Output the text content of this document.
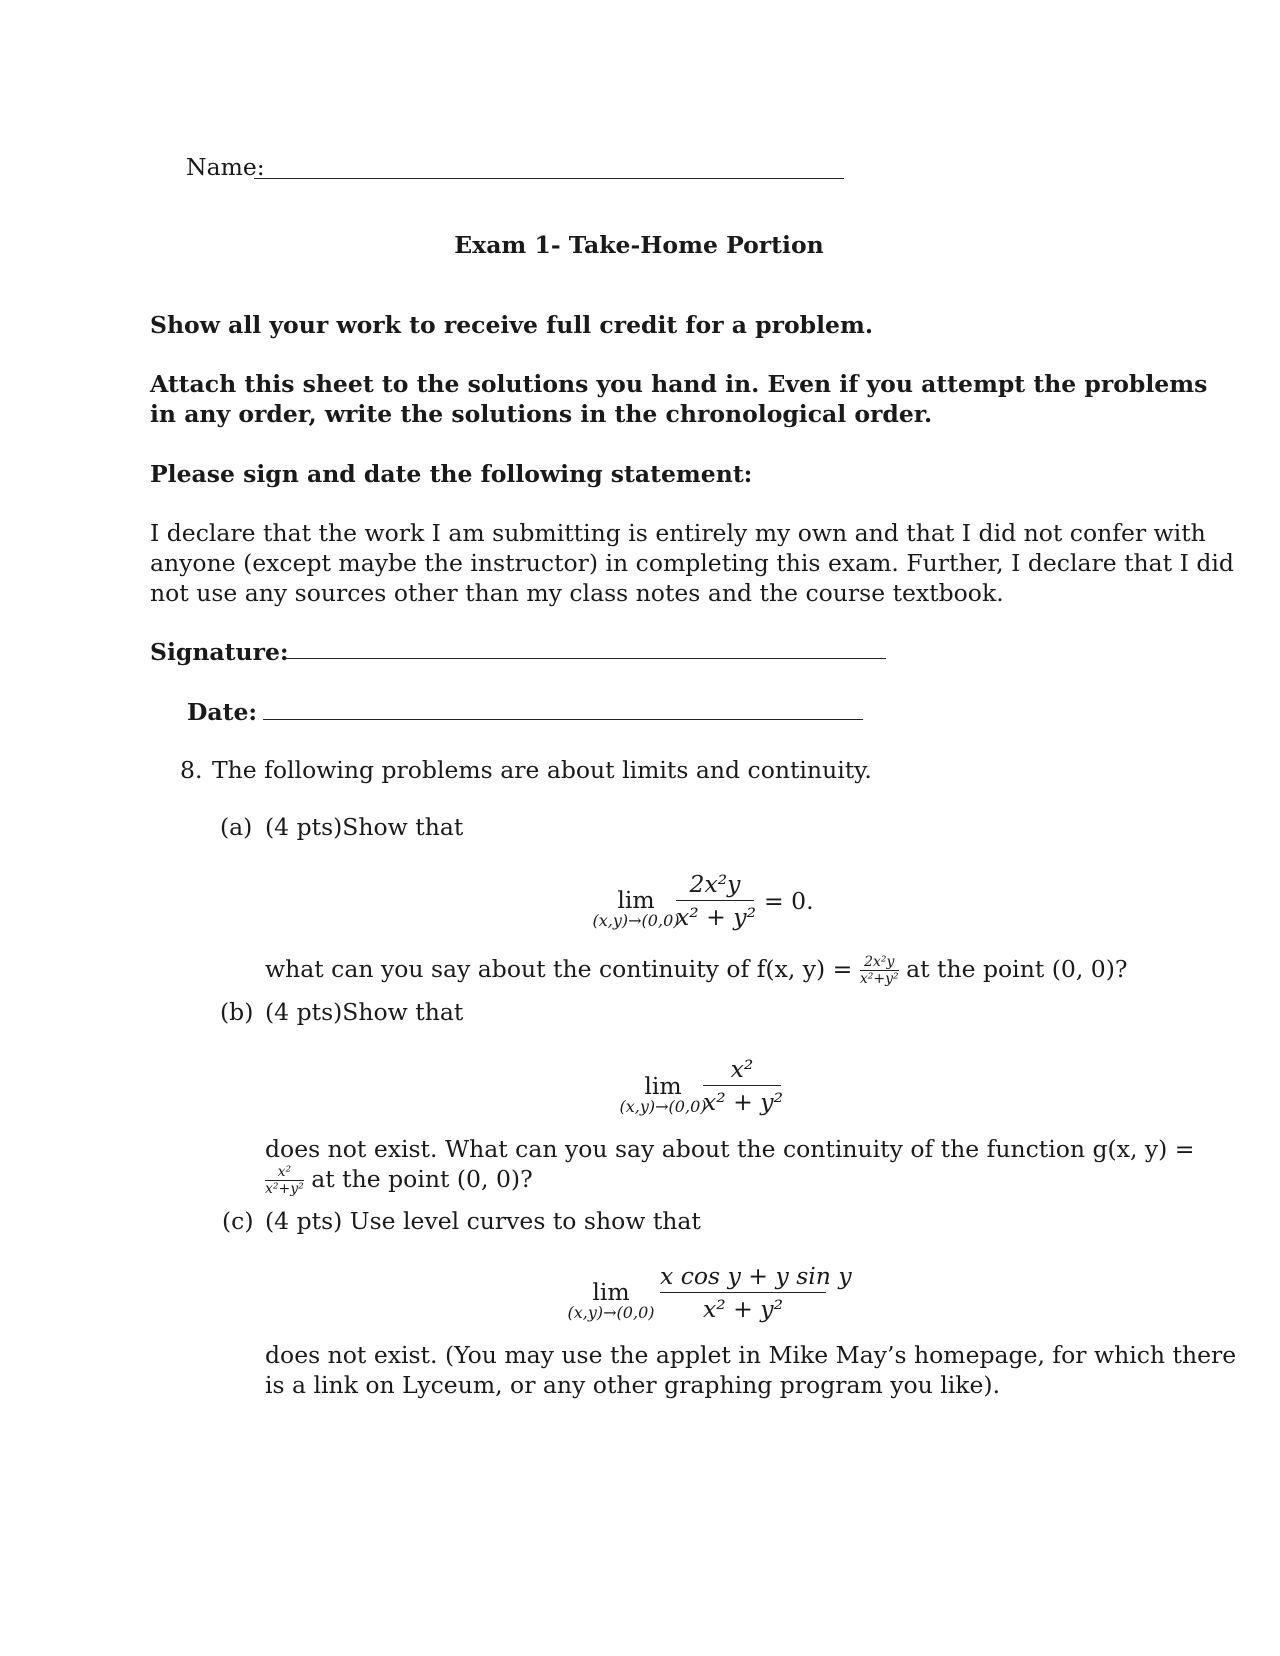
Name:
Exam 1- Take-Home Portion
Show all your work to receive full credit for a problem.
Attach this sheet to the solutions you hand in. Even if you attempt the problems
in any order, write the solutions in the chronological order.
Please sign and date the following statement:
I declare that the work I am submitting is entirely my own and that I did not confer with
anyone (except maybe the instructor) in completing this exam. Further, I declare that I did
not use any sources other than my class notes and the course textbook.
Signature:
Date:
8. The following problems are about limits and continuity.
(a) (4 pts)Show that
lim
(x,y)→(0,0)
2x²y
x² + y²
= 0.
what can you say about the continuity of f(x, $y) = \frac{\text{2x²y}}{\text{x²+y²}}$ at the point (0, 0)?
(b) (4 pts)Show that
lim
(x,y)→(0,0)
x²
x² + y²
does not exist. What can you say about the continuity of the function g(x, y) =
$\frac{\text{x²}}{\text{x²+y²}}$ at the point (0, 0)?
(c) (4 pts) Use level curves to show that
lim
(x,y)→(0,0)
x cos y + y sin y
x² + y²
does not exist. (You may use the applet in Mike May’s homepage, for which there
is a link on Lyceum, or any other graphing program you like).
